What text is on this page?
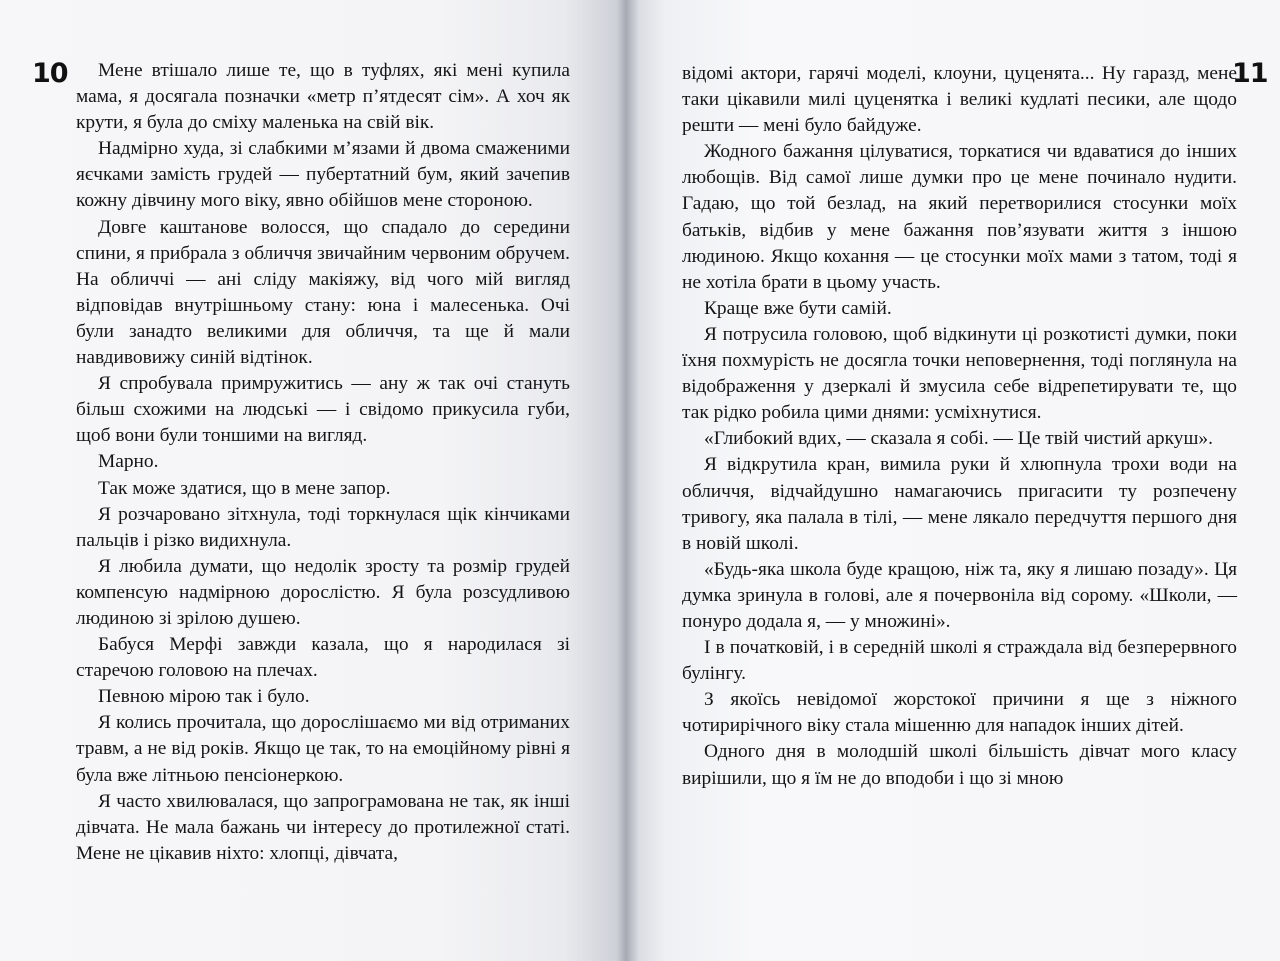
10	Мене втішало лише те, що в туфлях, які мені купила мама, я досягала позначки «метр п’ятдесят сім». А хоч як крути, я була до сміху маленька на свій вік.

Надмірно худа, зі слабкими м’язами й двома смаженими яєчками замість грудей — пубертатний бум, який зачепив кожну дівчину мого віку, явно обійшов мене стороною.

Довге каштанове волосся, що спадало до середини спини, я прибрала з обличчя звичайним червоним обручем. На обличчі — ані сліду макіяжу, від чого мій вигляд відповідав внутрішньому стану: юна і малесенька. Очі були занадто великими для обличчя, та ще й мали навдивовижу синій відтінок.

Я спробувала примружитись — ану ж так очі стануть більш схожими на людські — і свідомо прикусила губи, щоб вони були тоншими на вигляд.

Марно.

Так може здатися, що в мене запор.

Я розчаровано зітхнула, тоді торкнулася щік кінчиками пальців і різко видихнула.

Я любила думати, що недолік зросту та розмір грудей компенсую надмірною дорослістю. Я була розсудливою людиною зі зрілою душею.

Бабуся Мерфі завжди казала, що я народилася зі старечою головою на плечах.

Певною мірою так і було.

Я колись прочитала, що дорослішаємо ми від отриманих травм, а не від років. Якщо це так, то на емоційному рівні я була вже літньою пенсіонеркою.

Я часто хвилювалася, що запрограмована не так, як інші дівчата. Не мала бажань чи інтересу до протилежної статі. Мене не цікавив ніхто: хлопці, дівчата,

11

відомі актори, гарячі моделі, клоуни, цуценята... Ну гаразд, мене таки цікавили милі цуценятка і великі кудлаті песики, але щодо решти — мені було байдуже.

Жодного бажання цілуватися, торкатися чи вдаватися до інших любощів. Від самої лише думки про це мене починало нудити. Гадаю, що той безлад, на який перетворилися стосунки моїх батьків, відбив у мене бажання пов’язувати життя з іншою людиною. Якщо кохання — це стосунки моїх мами з татом, тоді я не хотіла брати в цьому участь.

Краще вже бути самій.

Я потрусила головою, щоб відкинути ці розкотисті думки, поки їхня похмурість не досягла точки неповернення, тоді поглянула на відображення у дзеркалі й змусила себе відрепетирувати те, що так рідко робила цими днями: усміхнутися.

«Глибокий вдих, — сказала я собі. — Це твій чистий аркуш».

Я відкрутила кран, вимила руки й хлюпнула трохи води на обличчя, відчайдушно намагаючись пригасити ту розпечену тривогу, яка палала в тілі, — мене лякало передчуття першого дня в новій школі.

«Будь-яка школа буде кращою, ніж та, яку я лишаю позаду». Ця думка зринула в голові, але я почервоніла від сорому. «Школи, — понуро додала я, — у множині».

І в початковій, і в середній школі я страждала від безперервного булінгу.

З якоїсь невідомої жорстокої причини я ще з ніжного чотирирічного віку стала мішенню для нападок інших дітей.

Одного дня в молодшій школі більшість дівчат мого класу вирішили, що я їм не до вподоби і що зі мною
